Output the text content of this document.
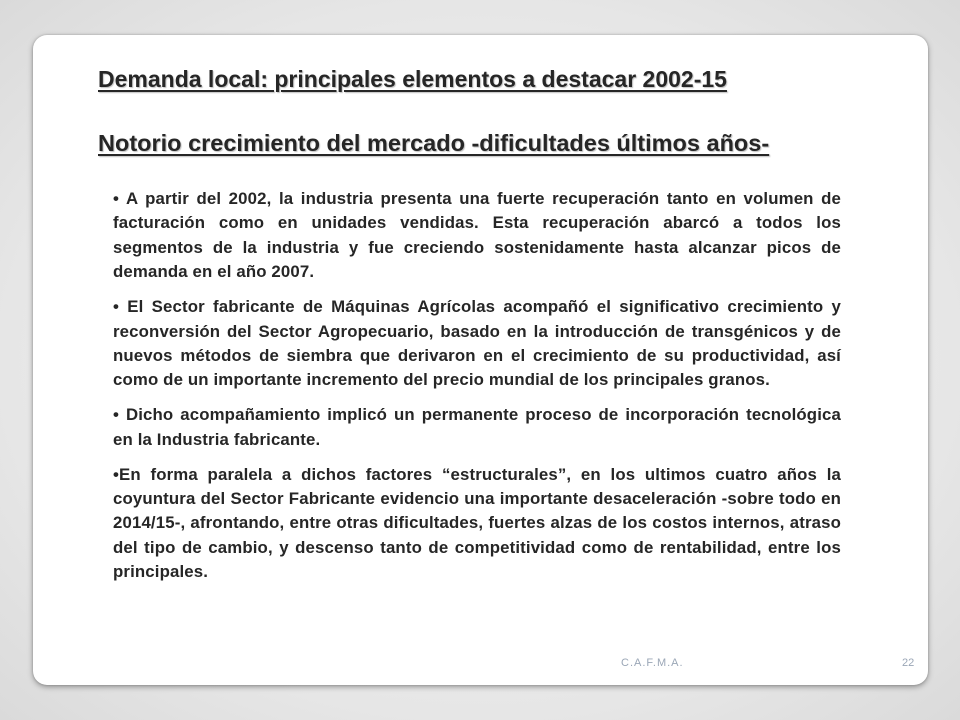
Demanda local: principales elementos a destacar 2002-15
Notorio crecimiento del mercado -dificultades últimos años-

• A partir del 2002, la industria presenta una fuerte recuperación tanto en volumen de facturación como en unidades vendidas. Esta recuperación abarcó a todos los segmentos de la industria y fue creciendo sostenidamente hasta alcanzar picos de demanda en el año 2007.

• El Sector fabricante de Máquinas Agrícolas acompañó el significativo crecimiento y reconversión del Sector Agropecuario, basado en la introducción de transgénicos y de nuevos métodos de siembra que derivaron en el crecimiento de su productividad, así como de un importante incremento del precio mundial de los principales granos.

• Dicho acompañamiento implicó un permanente proceso de incorporación tecnológica en la Industria fabricante.

•En forma paralela a dichos factores “estructurales”, en los ultimos cuatro años la coyuntura del Sector Fabricante evidencio una importante desaceleración -sobre todo en 2014/15-, afrontando, entre otras dificultades, fuertes alzas de los costos internos, atraso del tipo de cambio, y descenso tanto de competitividad como de rentabilidad, entre los principales.

C.A.F.M.A.	22
